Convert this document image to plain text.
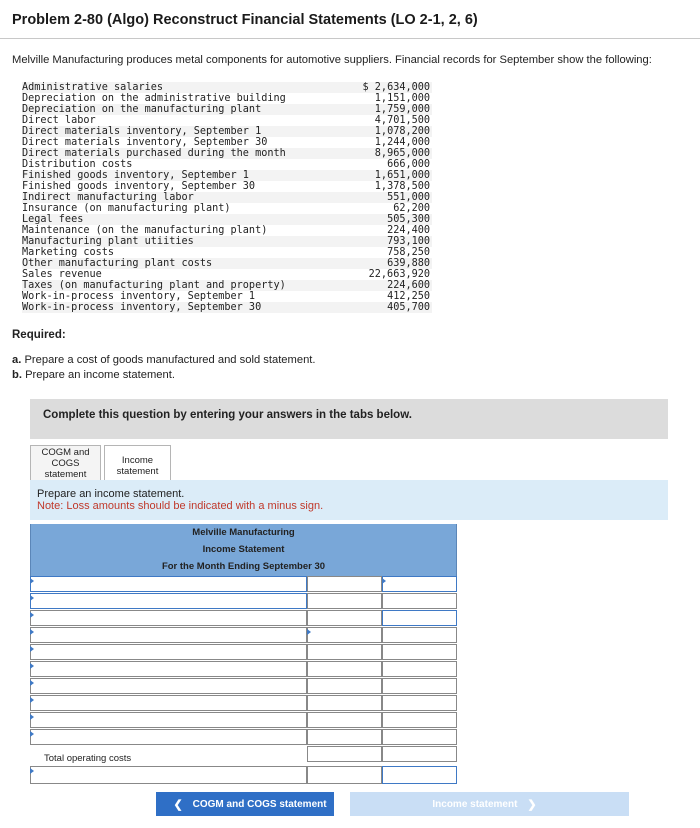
Problem 2-80 (Algo) Reconstruct Financial Statements (LO 2-1, 2, 6)
Melville Manufacturing produces metal components for automotive suppliers. Financial records for September show the following:
Administrative salaries	$ 2,634,000
Depreciation on the administrative building	1,151,000
Depreciation on the manufacturing plant	1,759,000
Direct labor	4,701,500
Direct materials inventory, September 1	1,078,200
Direct materials inventory, September 30	1,244,000
Direct materials purchased during the month	8,965,000
Distribution costs	666,000
Finished goods inventory, September 1	1,651,000
Finished goods inventory, September 30	1,378,500
Indirect manufacturing labor	551,000
Insurance (on manufacturing plant)	62,200
Legal fees	505,300
Maintenance (on the manufacturing plant)	224,400
Manufacturing plant utiities	793,100
Marketing costs	758,250
Other manufacturing plant costs	639,880
Sales revenue	22,663,920
Taxes (on manufacturing plant and property)	224,600
Work-in-process inventory, September 1	412,250
Work-in-process inventory, September 30	405,700
Required:
a. Prepare a cost of goods manufactured and sold statement.
b. Prepare an income statement.
Complete this question by entering your answers in the tabs below.
COGM and
COGS
statement
Income
statement
Prepare an income statement.
Note: Loss amounts should be indicated with a minus sign.
Melville Manufacturing
Income Statement
For the Month Ending September 30
Total operating costs
❮ COGM and COGS statement	Income statement ❯
